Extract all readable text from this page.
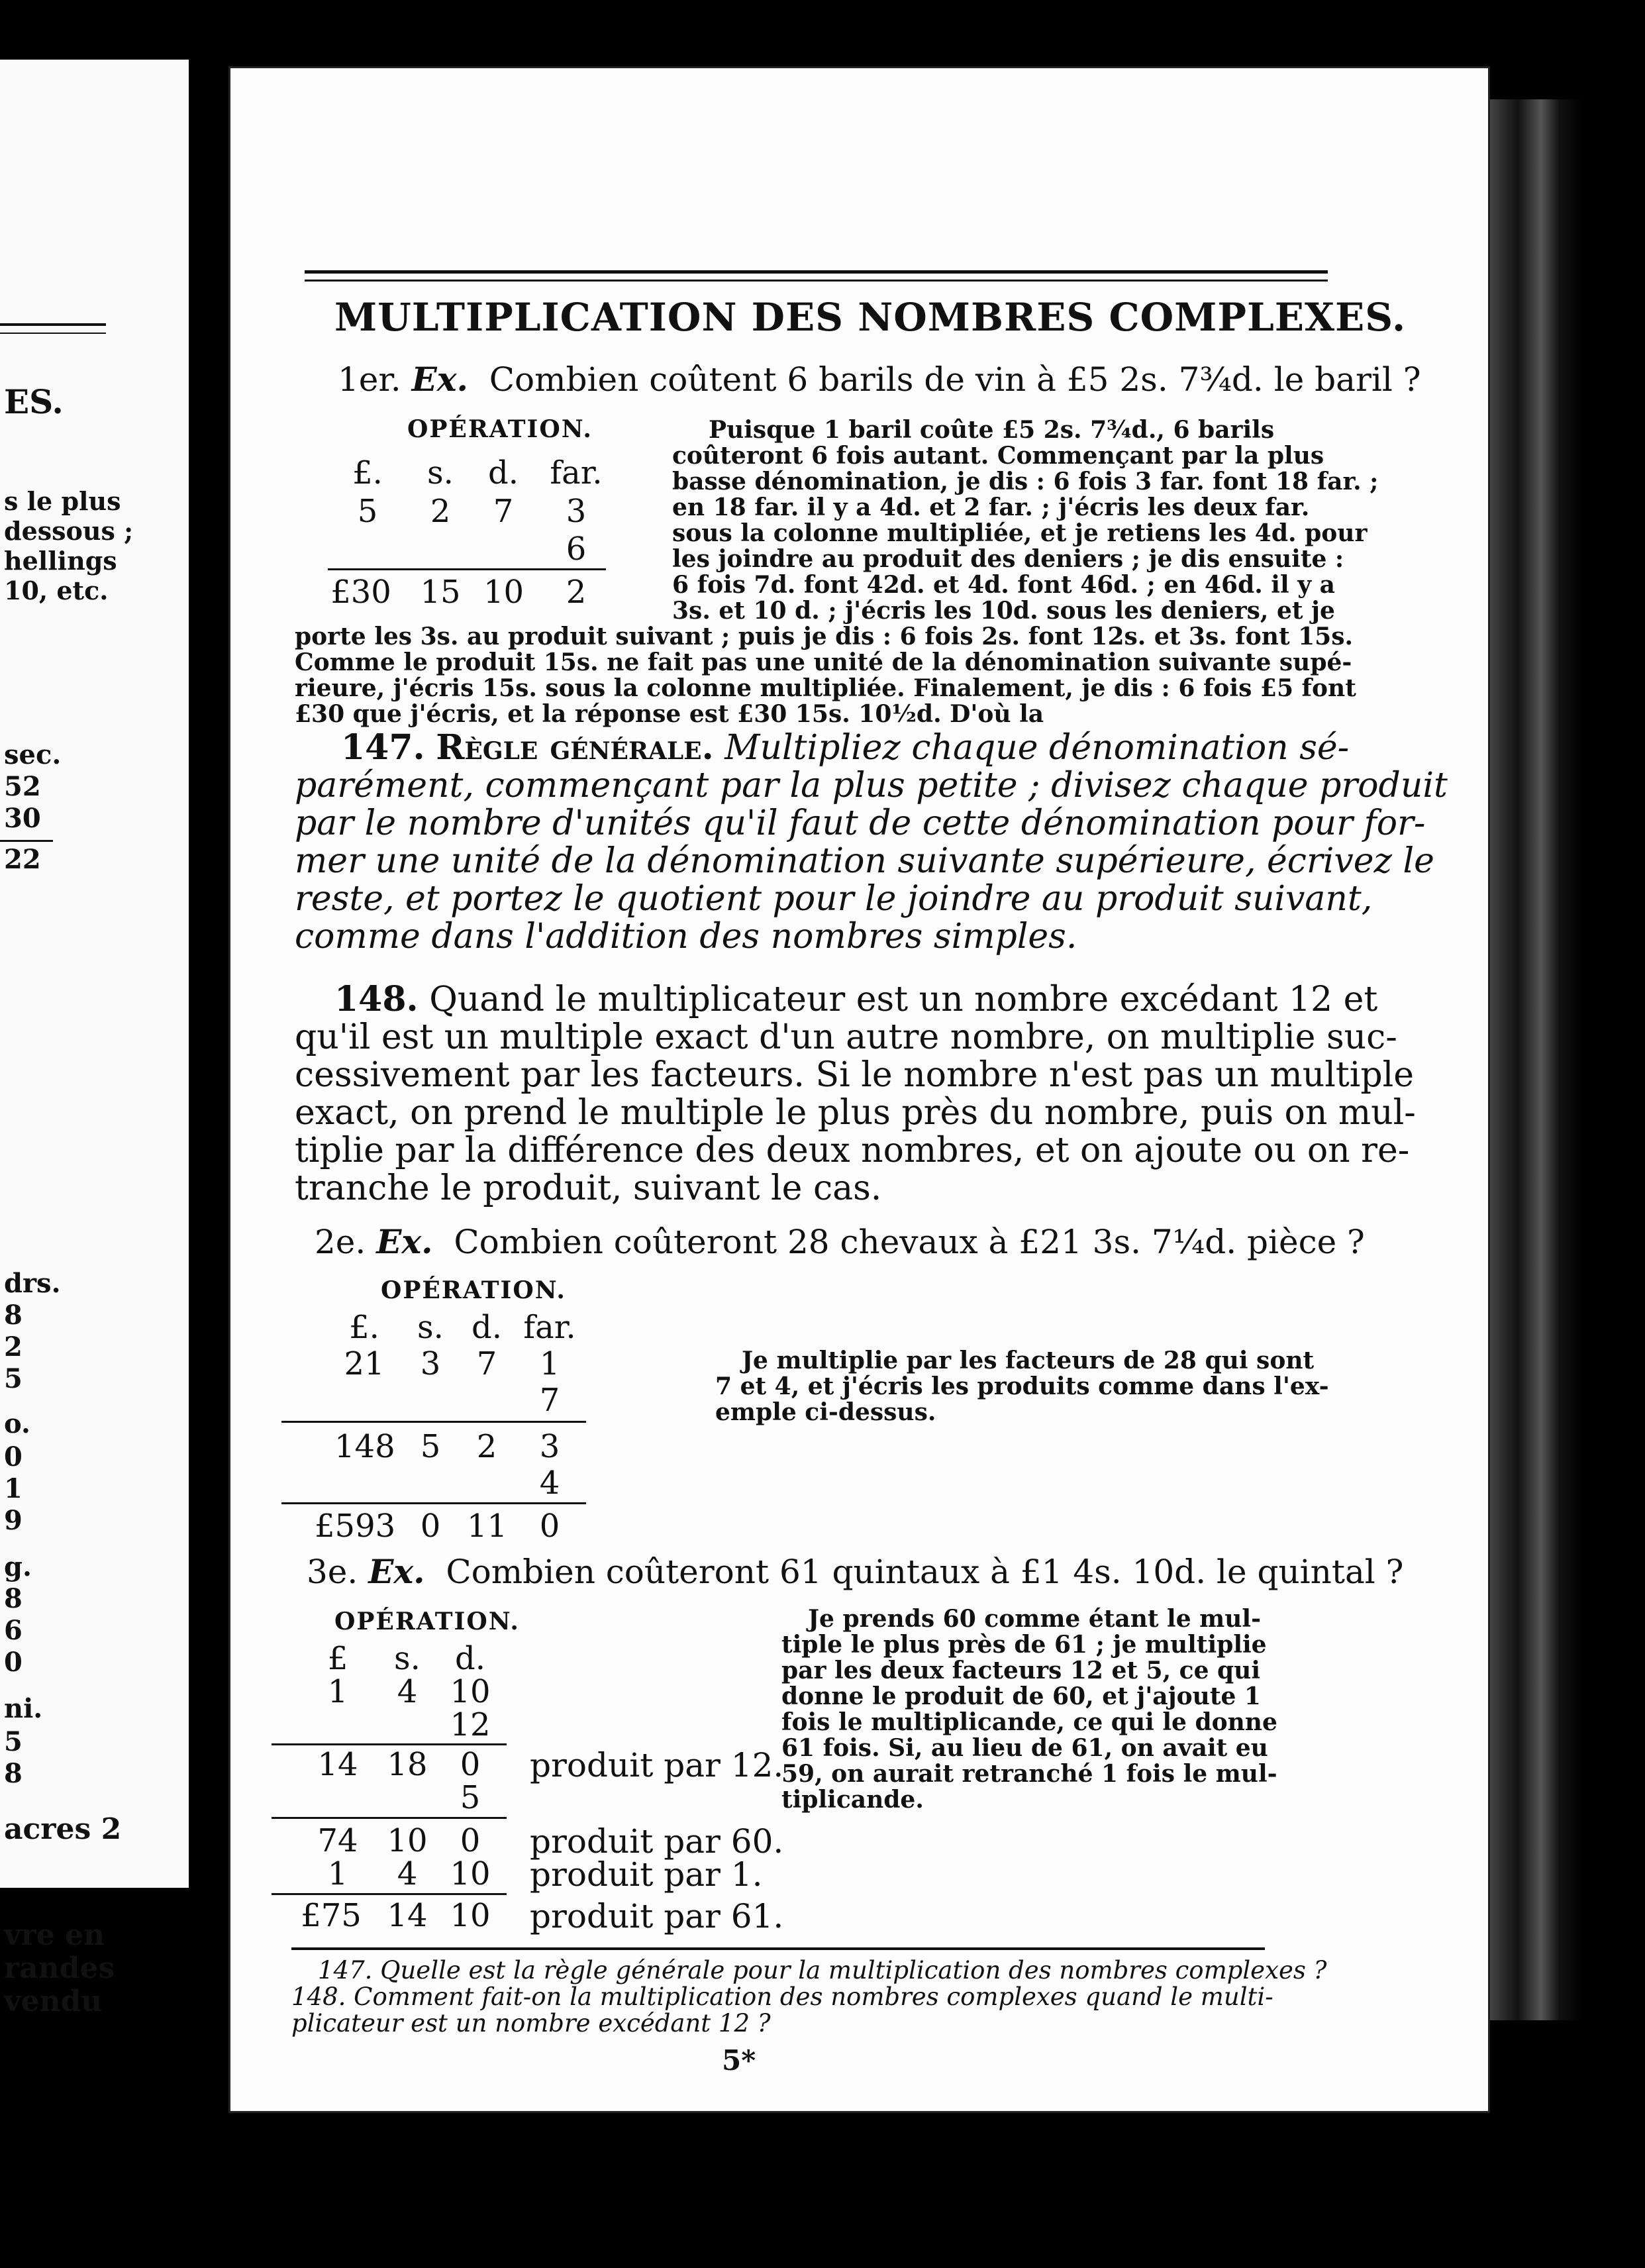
ES.
s le plus
dessous ;
hellings
10, etc.
sec.
52
30
22
drs.
8
2
5
o.
0
1
9
g.
8
6
0
ni.
5
8
acres 2
vre en
randes
vendu
MULTIPLICATION DES NOMBRES COMPLEXES.
1er. Ex. Combien coûtent 6 barils de vin à £5 2s. 7¾d. le baril ?
OPÉRATION.
£. s. d. far.
5	2	7	3
6
£30 15 10	2
Puisque 1 baril coûte £5 2s. 7¾d., 6 barils
coûteront 6 fois autant. Commençant par la plus
basse dénomination, je dis : 6 fois 3 far. font 18 far. ;
en 18 far. il y a 4d. et 2 far. ; j'écris les deux far.
sous la colonne multipliée, et je retiens les 4d. pour
les joindre au produit des deniers ; je dis ensuite :
6 fois 7d. font 42d. et 4d. font 46d. ; en 46d. il y a
3s. et 10 d. ; j'écris les 10d. sous les deniers, et je
porte les 3s. au produit suivant ; puis je dis : 6 fois 2s. font 12s. et 3s. font 15s.
Comme le produit 15s. ne fait pas une unité de la dénomination suivante supé-
rieure, j'écris 15s. sous la colonne multipliée. Finalement, je dis : 6 fois £5 font
£30 que j'écris, et la réponse est £30 15s. 10½d. D'où la
147. Règle générale. Multipliez chaque dénomination sé-
parément, commençant par la plus petite ; divisez chaque produit
par le nombre d'unités qu'il faut de cette dénomination pour for-
mer une unité de la dénomination suivante supérieure, écrivez le
reste, et portez le quotient pour le joindre au produit suivant,
comme dans l'addition des nombres simples.
148. Quand le multiplicateur est un nombre excédant 12 et
qu'il est un multiple exact d'un autre nombre, on multiplie suc-
cessivement par les facteurs. Si le nombre n'est pas un multiple
exact, on prend le multiple le plus près du nombre, puis on mul-
tiplie par la différence des deux nombres, et on ajoute ou on re-
tranche le produit, suivant le cas.
2e. Ex. Combien coûteront 28 chevaux à £21 3s. 7¼d. pièce ?
OPÉRATION.
£. s. d. far.
21	3	7	1
7
148 5	2	3
4
£593 0 11	0
Je multiplie par les facteurs de 28 qui sont
7 et 4, et j'écris les produits comme dans l'ex-
emple ci-dessus.
3e. Ex. Combien coûteront 61 quintaux à £1 4s. 10d. le quintal ?
OPÉRATION.
£	s.	d.
1	4	10
12
14 18	0	produit par 12.
5
74 10	0	produit par 60.
1	4	10 produit par 1.
£75 14 10 produit par 61.
Je prends 60 comme étant le mul-
tiple le plus près de 61 ; je multiplie
par les deux facteurs 12 et 5, ce qui
donne le produit de 60, et j'ajoute 1
fois le multiplicande, ce qui le donne
61 fois. Si, au lieu de 61, on avait eu
59, on aurait retranché 1 fois le mul-
tiplicande.
147. Quelle est la règle générale pour la multiplication des nombres complexes ?
148. Comment fait-on la multiplication des nombres complexes quand le multi-
plicateur est un nombre excédant 12 ?
5*
